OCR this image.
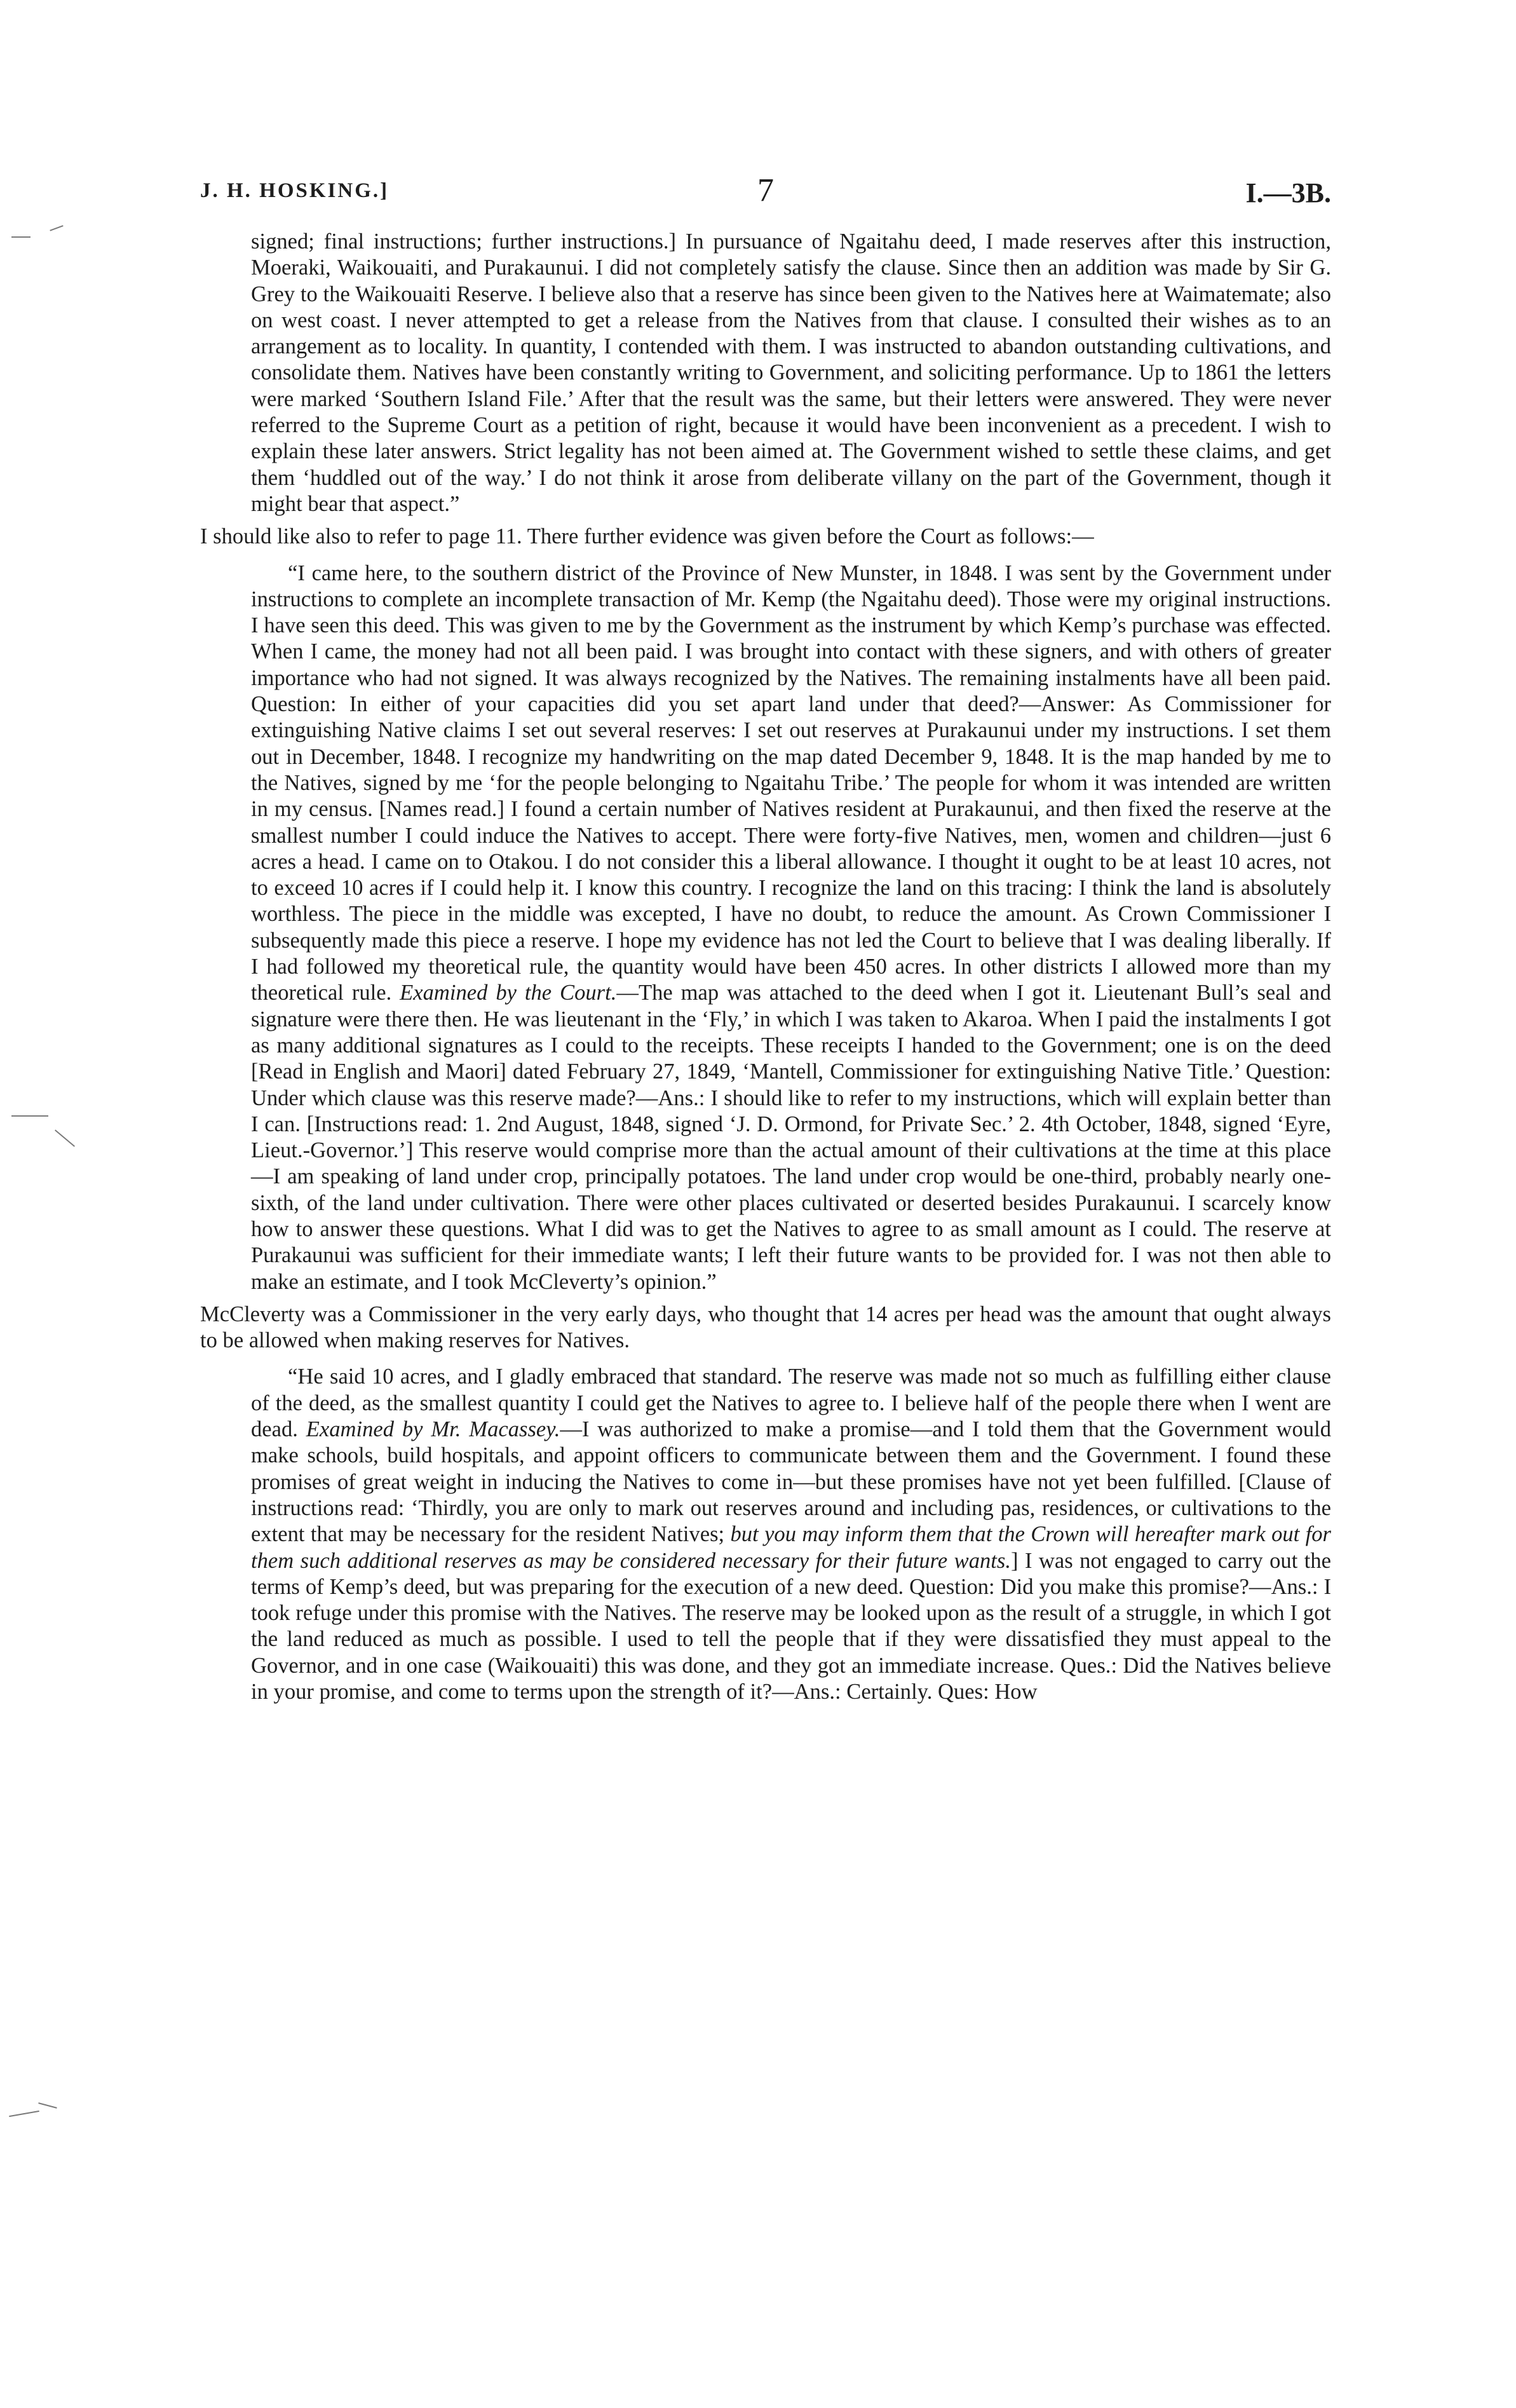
J. H. HOSKING.]	7	I.—3B.

signed; final instructions; further instructions.] In pursuance of Ngaitahu deed, I made reserves after this instruction, Moeraki, Waikouaiti, and Purakaunui. I did not completely satisfy the clause. Since then an addition was made by Sir G. Grey to the Waikouaiti Reserve. I believe also that a reserve has since been given to the Natives here at Waimatemate; also on west coast. I never attempted to get a release from the Natives from that clause. I consulted their wishes as to an arrangement as to locality. In quantity, I contended with them. I was instructed to abandon outstanding cultivations, and consolidate them. Natives have been constantly writing to Government, and soliciting performance. Up to 1861 the letters were marked ‘Southern Island File.’ After that the result was the same, but their letters were answered. They were never referred to the Supreme Court as a petition of right, because it would have been inconvenient as a precedent. I wish to explain these later answers. Strict legality has not been aimed at. The Government wished to settle these claims, and get them ‘huddled out of the way.’ I do not think it arose from deliberate villany on the part of the Government, though it might bear that aspect.”

I should like also to refer to page 11. There further evidence was given before the Court as follows:—

“I came here, to the southern district of the Province of New Munster, in 1848. I was sent by the Government under instructions to complete an incomplete transaction of Mr. Kemp (the Ngaitahu deed). Those were my original instructions. I have seen this deed. This was given to me by the Government as the instrument by which Kemp’s purchase was effected. When I came, the money had not all been paid. I was brought into contact with these signers, and with others of greater importance who had not signed. It was always recognized by the Natives. The remaining instalments have all been paid. Question: In either of your capacities did you set apart land under that deed?—Answer: As Commissioner for extinguishing Native claims I set out several reserves: I set out reserves at Purakaunui under my instructions. I set them out in December, 1848. I recognize my handwriting on the map dated December 9, 1848. It is the map handed by me to the Natives, signed by me ‘for the people belonging to Ngaitahu Tribe.’ The people for whom it was intended are written in my census. [Names read.] I found a certain number of Natives resident at Purakaunui, and then fixed the reserve at the smallest number I could induce the Natives to accept. There were forty-five Natives, men, women and children—just 6 acres a head. I came on to Otakou. I do not consider this a liberal allowance. I thought it ought to be at least 10 acres, not to exceed 10 acres if I could help it. I know this country. I recognize the land on this tracing: I think the land is absolutely worthless. The piece in the middle was excepted, I have no doubt, to reduce the amount. As Crown Commissioner I subsequently made this piece a reserve. I hope my evidence has not led the Court to believe that I was dealing liberally. If I had followed my theoretical rule, the quantity would have been 450 acres. In other districts I allowed more than my theoretical rule. Examined by the Court.—The map was attached to the deed when I got it. Lieutenant Bull’s seal and signature were there then. He was lieutenant in the ‘Fly,’ in which I was taken to Akaroa. When I paid the instalments I got as many additional signatures as I could to the receipts. These receipts I handed to the Government; one is on the deed [Read in English and Maori] dated February 27, 1849, ‘Mantell, Commissioner for extinguishing Native Title.’ Question: Under which clause was this reserve made?—Ans.: I should like to refer to my instructions, which will explain better than I can. [Instructions read: 1. 2nd August, 1848, signed ‘J. D. Ormond, for Private Sec.’ 2. 4th October, 1848, signed ‘Eyre, Lieut.-Governor.’] This reserve would comprise more than the actual amount of their cultivations at the time at this place—I am speaking of land under crop, principally potatoes. The land under crop would be one-third, probably nearly one-sixth, of the land under cultivation. There were other places cultivated or deserted besides Purakaunui. I scarcely know how to answer these questions. What I did was to get the Natives to agree to as small amount as I could. The reserve at Purakaunui was sufficient for their immediate wants; I left their future wants to be provided for. I was not then able to make an estimate, and I took McCleverty’s opinion.”

McCleverty was a Commissioner in the very early days, who thought that 14 acres per head was the amount that ought always to be allowed when making reserves for Natives.

“He said 10 acres, and I gladly embraced that standard. The reserve was made not so much as fulfilling either clause of the deed, as the smallest quantity I could get the Natives to agree to. I believe half of the people there when I went are dead. Examined by Mr. Macassey.—I was authorized to make a promise—and I told them that the Government would make schools, build hospitals, and appoint officers to communicate between them and the Government. I found these promises of great weight in inducing the Natives to come in—but these promises have not yet been fulfilled. [Clause of instructions read: ‘Thirdly, you are only to mark out reserves around and including pas, residences, or cultivations to the extent that may be necessary for the resident Natives; but you may inform them that the Crown will hereafter mark out for them such additional reserves as may be considered necessary for their future wants.] I was not engaged to carry out the terms of Kemp’s deed, but was preparing for the execution of a new deed. Question: Did you make this promise?—Ans.: I took refuge under this promise with the Natives. The reserve may be looked upon as the result of a struggle, in which I got the land reduced as much as possible. I used to tell the people that if they were dissatisfied they must appeal to the Governor, and in one case (Waikouaiti) this was done, and they got an immediate increase. Ques.: Did the Natives believe in your promise, and come to terms upon the strength of it?—Ans.: Certainly. Ques: How
